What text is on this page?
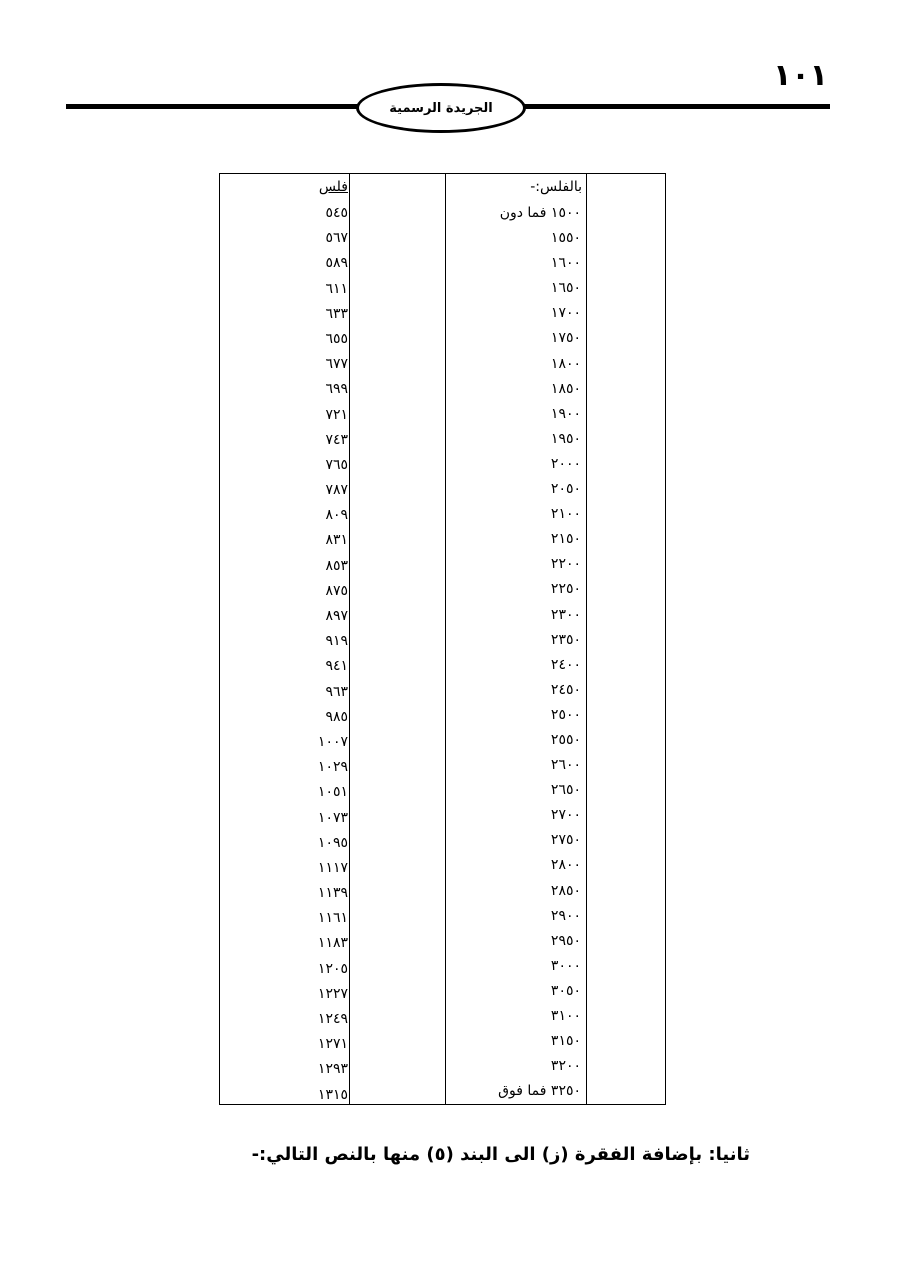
١٠١
الجريدة الرسمية
بالفلس:-
١٥٠٠ فما دون
١٥٥٠
١٦٠٠
١٦٥٠
١٧٠٠
١٧٥٠
١٨٠٠
١٨٥٠
١٩٠٠
١٩٥٠
٢٠٠٠
٢٠٥٠
٢١٠٠
٢١٥٠
٢٢٠٠
٢٢٥٠
٢٣٠٠
٢٣٥٠
٢٤٠٠
٢٤٥٠
٢٥٠٠
٢٥٥٠
٢٦٠٠
٢٦٥٠
٢٧٠٠
٢٧٥٠
٢٨٠٠
٢٨٥٠
٢٩٠٠
٢٩٥٠
٣٠٠٠
٣٠٥٠
٣١٠٠
٣١٥٠
٣٢٠٠
٣٢٥٠ فما فوق
فلس
٥٤٥
٥٦٧
٥٨٩
٦١١
٦٣٣
٦٥٥
٦٧٧
٦٩٩
٧٢١
٧٤٣
٧٦٥
٧٨٧
٨٠٩
٨٣١
٨٥٣
٨٧٥
٨٩٧
٩١٩
٩٤١
٩٦٣
٩٨٥
١٠٠٧
١٠٢٩
١٠٥١
١٠٧٣
١٠٩٥
١١١٧
١١٣٩
١١٦١
١١٨٣
١٢٠٥
١٢٢٧
١٢٤٩
١٢٧١
١٢٩٣
١٣١٥
ثانيا: بإضافة الفقرة (ز) الى البند (٥) منها بالنص التالي:-
